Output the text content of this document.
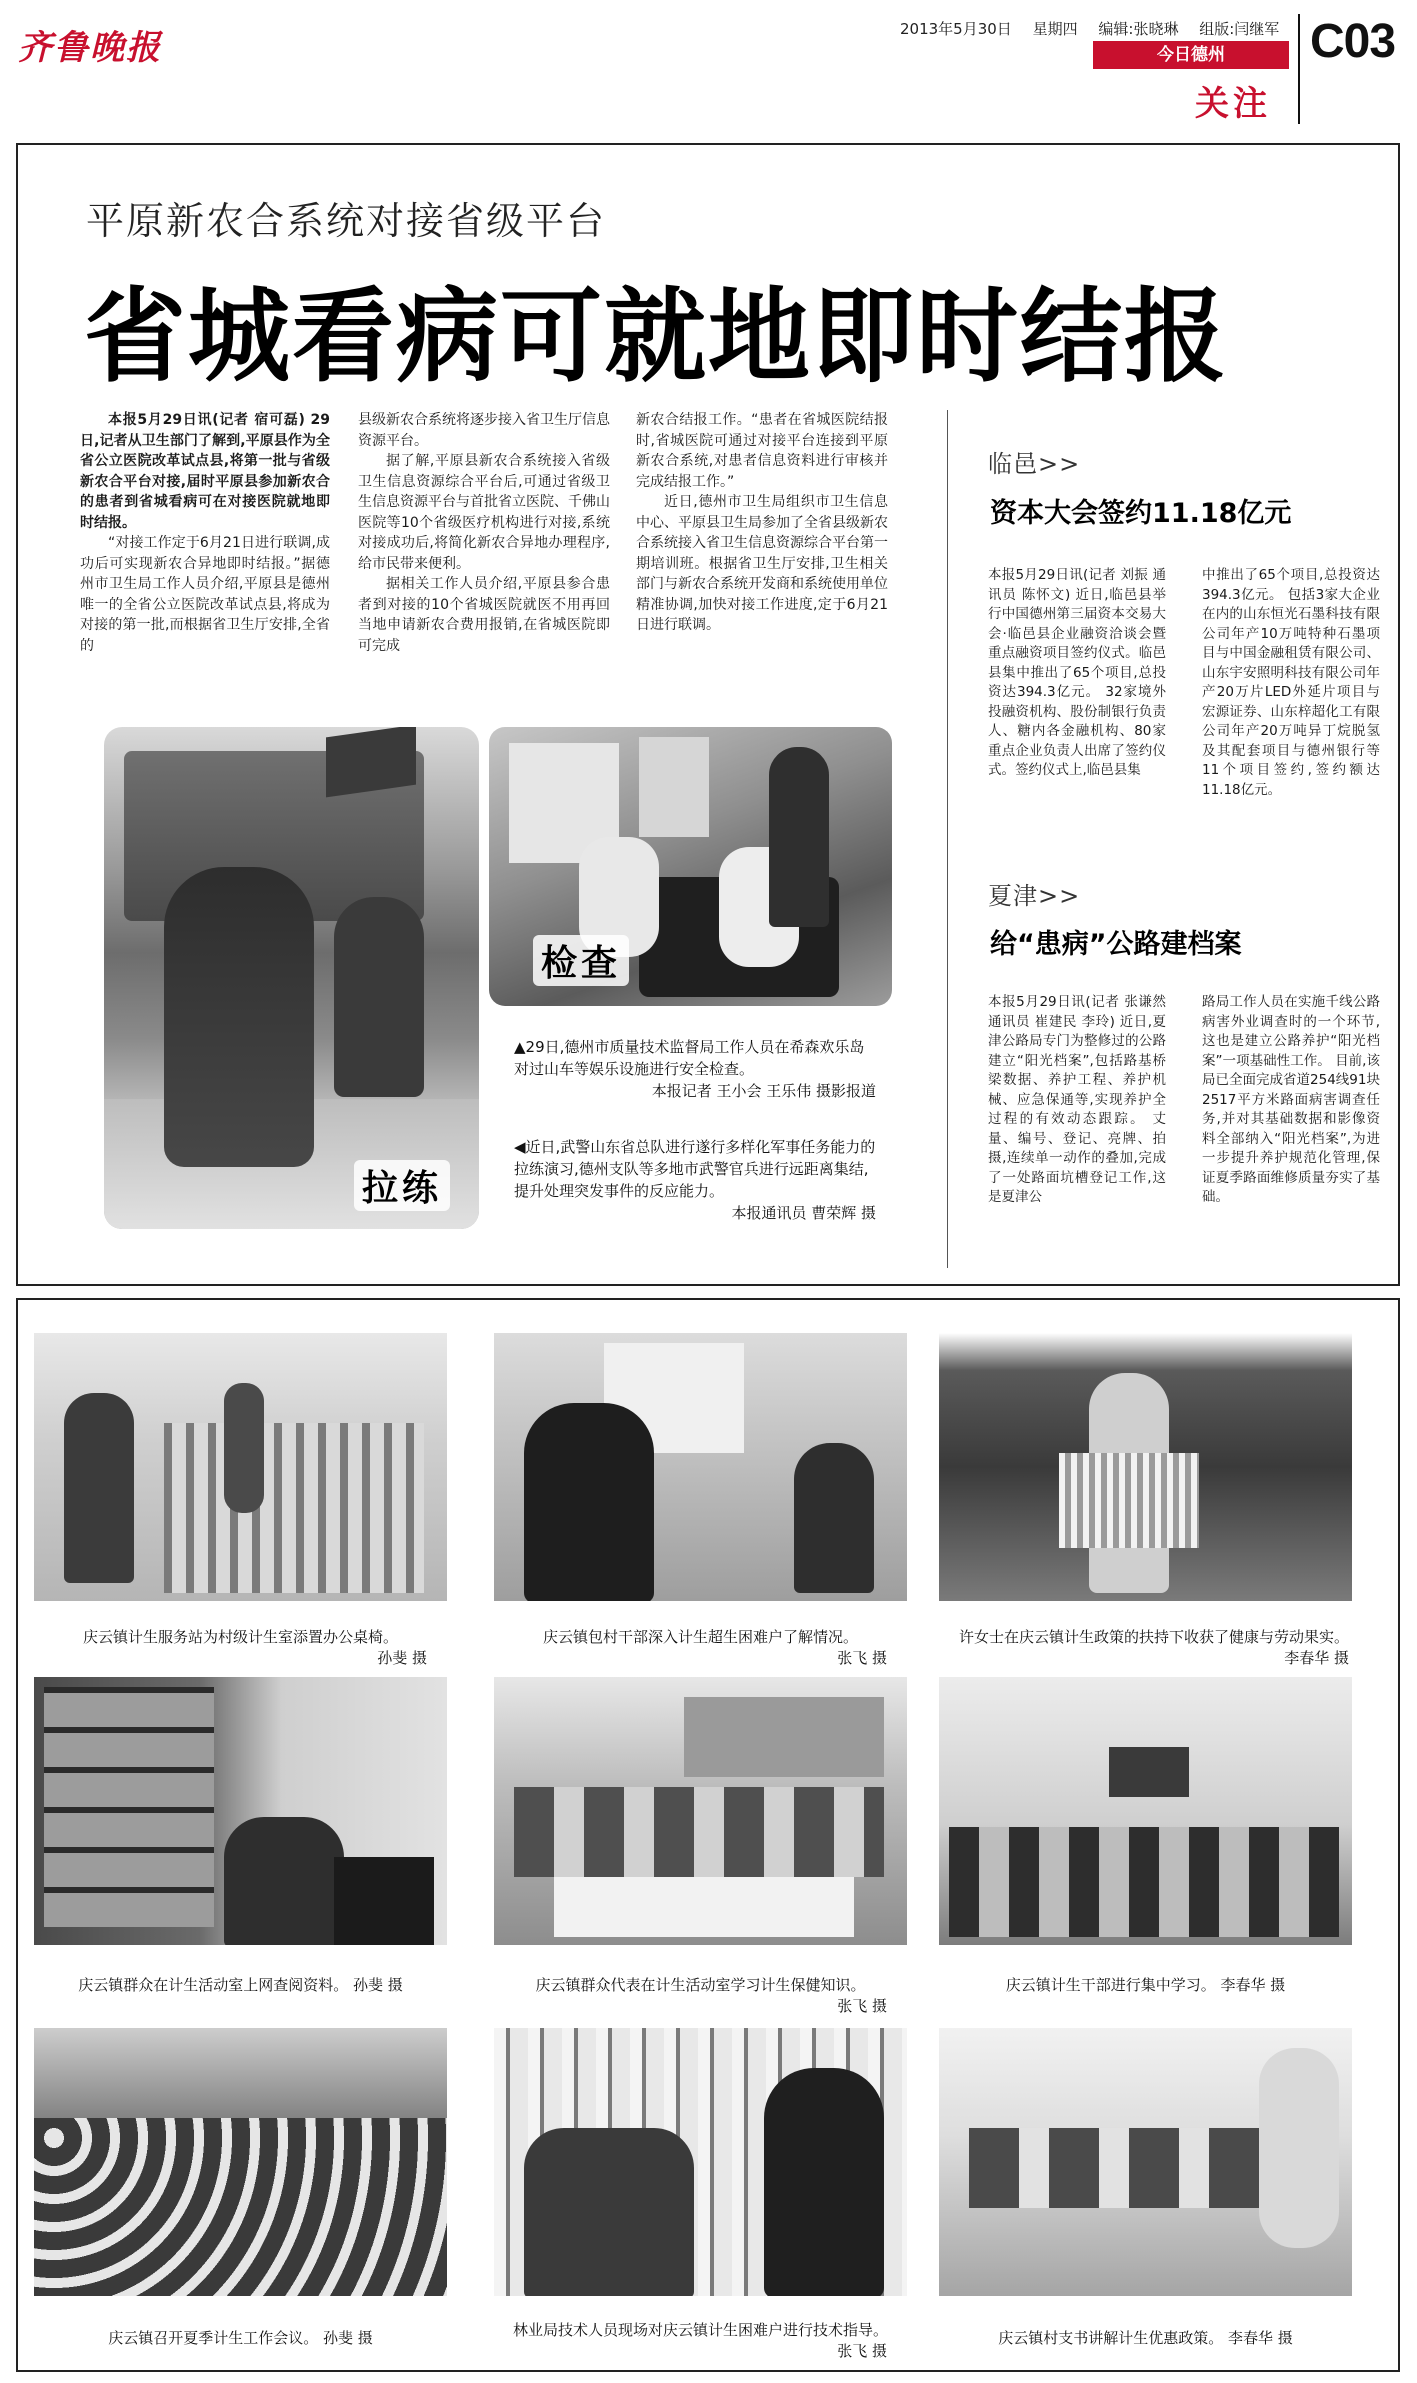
齐鲁晚报	2013年5月30日 星期四 编辑:张晓琳 组版:闫继军
今日德州
关注
C03
平原新农合系统对接省级平台
省城看病可就地即时结报

本报5月29日讯(记者 宿可磊) 29日,记者从卫生部门了解到,平原县作为全省公立医院改革试点县,将第一批与省级新农合平台对接,届时平原县参加新农合的患者到省城看病可在对接医院就地即时结报。

“对接工作定于6月21日进行联调,成功后可实现新农合异地即时结报。”据德州市卫生局工作人员介绍,平原县是德州唯一的全省公立医院改革试点县,将成为对接的第一批,而根据省卫生厅安排,全省的

县级新农合系统将逐步接入省卫生厅信息资源平台。

据了解,平原县新农合系统接入省级卫生信息资源综合平台后,可通过省级卫生信息资源平台与首批省立医院、千佛山医院等10个省级医疗机构进行对接,系统对接成功后,将简化新农合异地办理程序,给市民带来便利。

据相关工作人员介绍,平原县参合患者到对接的10个省城医院就医不用再回当地申请新农合费用报销,在省城医院即可完成

新农合结报工作。“患者在省城医院结报时,省城医院可通过对接平台连接到平原新农合系统,对患者信息资料进行审核并完成结报工作。”

近日,德州市卫生局组织市卫生信息中心、平原县卫生局参加了全省县级新农合系统接入省卫生信息资源综合平台第一期培训班。根据省卫生厅安排,卫生相关部门与新农合系统开发商和系统使用单位精准协调,加快对接工作进度,定于6月21日进行联调。

检查
拉练
▲29日,德州市质量技术监督局工作人员在希森欢乐岛对过山车等娱乐设施进行安全检查。
本报记者 王小会 王乐伟 摄影报道
◀近日,武警山东省总队进行遂行多样化军事任务能力的拉练演习,德州支队等多地市武警官兵进行远距离集结,提升处理突发事件的反应能力。
本报通讯员 曹荣辉 摄
临邑>>
资本大会签约11.18亿元
本报5月29日讯(记者 刘振 通讯员 陈怀文) 近日,临邑县举行中国德州第三届资本交易大会·临邑县企业融资洽谈会暨重点融资项目签约仪式。临邑县集中推出了65个项目,总投资达394.3亿元。 32家境外投融资机构、股份制银行负责人、糖内各金融机构、80家重点企业负责人出席了签约仪式。签约仪式上,临邑县集
中推出了65个项目,总投资达394.3亿元。 包括3家大企业在内的山东恒光石墨科技有限公司年产10万吨特种石墨项目与中国金融租赁有限公司、山东宇安照明科技有限公司年产20万片LED外延片项目与宏源证券、山东梓超化工有限公司年产20万吨异丁烷脱氢及其配套项目与德州银行等11个项目签约,签约额达11.18亿元。
夏津>>
给“患病”公路建档案
本报5月29日讯(记者 张谦然 通讯员 崔建民 李玲) 近日,夏津公路局专门为整修过的公路建立“阳光档案”,包括路基桥梁数据、养护工程、养护机械、应急保通等,实现养护全过程的有效动态跟踪。 丈量、编号、登记、亮牌、拍摄,连续单一动作的叠加,完成了一处路面坑槽登记工作,这是夏津公
路局工作人员在实施千线公路病害外业调查时的一个环节,这也是建立公路养护“阳光档案”一项基础性工作。 目前,该局已全面完成省道254线91块2517平方米路面病害调查任务,并对其基础数据和影像资料全部纳入“阳光档案”,为进一步提升养护规范化管理,保证夏季路面维修质量夯实了基础。
庆云镇计生服务站为村级计生室添置办公桌椅。
孙斐 摄
庆云镇包村干部深入计生超生困难户了解情况。
张飞 摄
许女士在庆云镇计生政策的扶持下收获了健康与劳动果实。
李春华 摄
庆云镇群众在计生活动室上网查阅资料。 孙斐 摄	庆云镇群众代表在计生活动室学习计生保健知识。
张飞 摄
庆云镇计生干部进行集中学习。 李春华 摄
庆云镇召开夏季计生工作会议。 孙斐 摄	林业局技术人员现场对庆云镇计生困难户进行技术指导。
张飞 摄
庆云镇村支书讲解计生优惠政策。 李春华 摄
